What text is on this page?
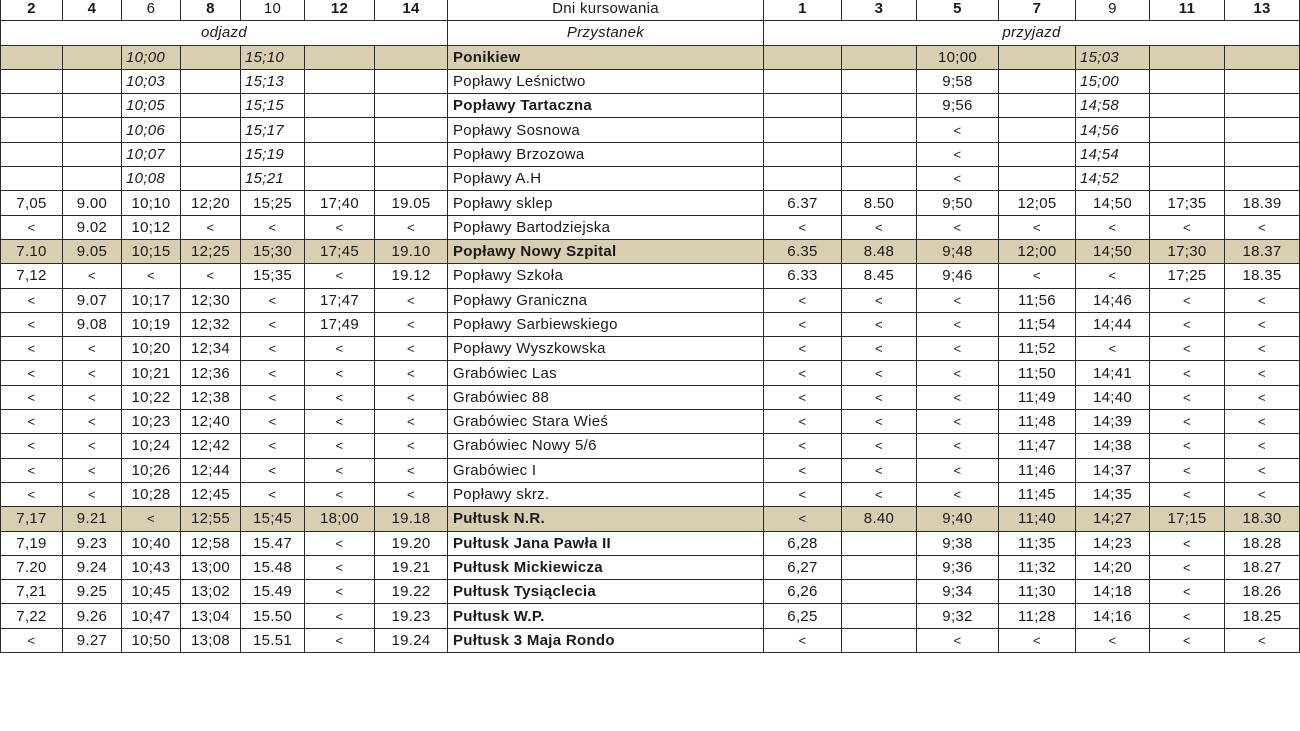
2	4	6	8	10	12	14	Dni kursowania	1	3	5	7	9	11	13
odjazd							Przystanek	przyjazd						
		10;00		15;10			Ponikiew			10;00		15;03		
		10;03		15;13			Popławy Leśnictwo			9;58		15;00		
		10;05		15;15			Popławy Tartaczna			9;56		14;58		
		10;06		15;17			Popławy Sosnowa			<		14;56		
		10;07		15;19			Popławy Brzozowa			<		14;54		
		10;08		15;21			Popławy A.H			<		14;52		
7,05	9.00	10;10	12;20	15;25	17;40	19.05	Popławy sklep	6.37	8.50	9;50	12;05	14;50	17;35	18.39
<	9.02	10;12	<	<	<	<	Popławy Bartodziejska	<	<	<	<	<	<	<
7.10	9.05	10;15	12;25	15;30	17;45	19.10	Popławy Nowy Szpital	6.35	8.48	9;48	12;00	14;50	17;30	18.37
7,12	<	<	<	15;35	<	19.12	Popławy Szkoła	6.33	8.45	9;46	<	<	17;25	18.35
<	9.07	10;17	12;30	<	17;47	<	Popławy Graniczna	<	<	<	11;56	14;46	<	<
<	9.08	10;19	12;32	<	17;49	<	Popławy Sarbiewskiego	<	<	<	11;54	14;44	<	<
<	<	10;20	12;34	<	<	<	Popławy Wyszkowska	<	<	<	11;52	<	<	<
<	<	10;21	12;36	<	<	<	Grabówiec Las	<	<	<	11;50	14;41	<	<
<	<	10;22	12;38	<	<	<	Grabówiec 88	<	<	<	11;49	14;40	<	<
<	<	10;23	12;40	<	<	<	Grabówiec Stara Wieś	<	<	<	11;48	14;39	<	<
<	<	10;24	12;42	<	<	<	Grabówiec Nowy 5/6	<	<	<	11;47	14;38	<	<
<	<	10;26	12;44	<	<	<	Grabówiec I	<	<	<	11;46	14;37	<	<
<	<	10;28	12;45	<	<	<	Popławy skrz.	<	<	<	11;45	14;35	<	<
7,17	9.21	<	12;55	15;45	18;00	19.18	Pułtusk N.R.	<	8.40	9;40	11;40	14;27	17;15	18.30
7,19	9.23	10;40	12;58	15.47	<	19.20	Pułtusk Jana Pawła II	6,28		9;38	11;35	14;23	<	18.28
7.20	9.24	10;43	13;00	15.48	<	19.21	Pułtusk Mickiewicza	6,27		9;36	11;32	14;20	<	18.27
7,21	9.25	10;45	13;02	15.49	<	19.22	Pułtusk Tysiąclecia	6,26		9;34	11;30	14;18	<	18.26
7,22	9.26	10;47	13;04	15.50	<	19.23	Pułtusk W.P.	6,25		9;32	11;28	14;16	<	18.25
<	9.27	10;50	13;08	15.51	<	19.24	Pułtusk 3 Maja Rondo	<		<	<	<	<	<
